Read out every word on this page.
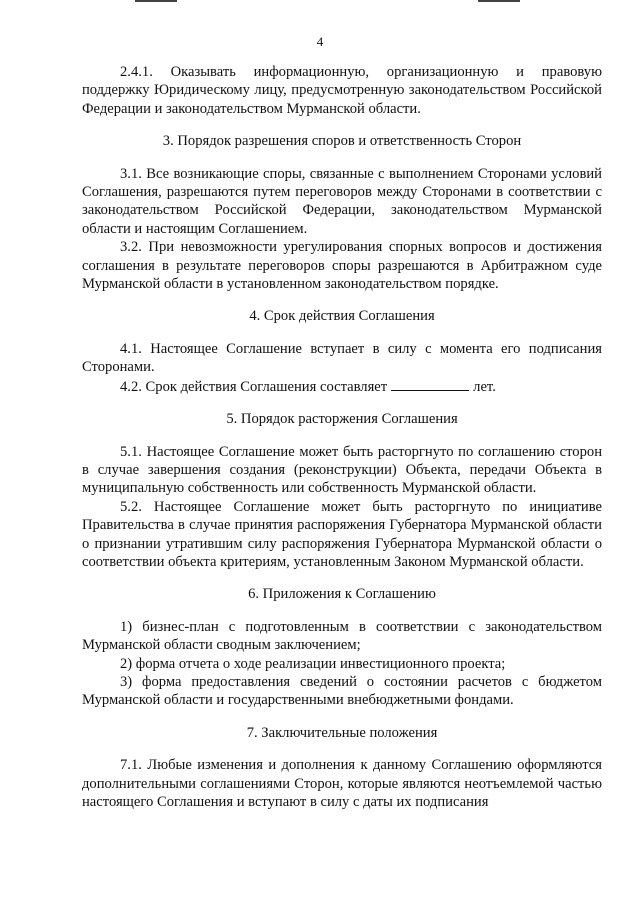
4

2.4.1. Оказывать информационную, организационную и правовую поддержку Юридическому лицу, предусмотренную законодательством Российской Федерации и законодательством Мурманской области.

3. Порядок разрешения споров и ответственность Сторон

3.1. Все возникающие споры, связанные с выполнением Сторонами условий Соглашения, разрешаются путем переговоров между Сторонами в соответствии с законодательством Российской Федерации, законодательством Мурманской области и настоящим Соглашением.

3.2. При невозможности урегулирования спорных вопросов и достижения соглашения в результате переговоров споры разрешаются в Арбитражном суде Мурманской области в установленном законодательством порядке.

4. Срок действия Соглашения

4.1. Настоящее Соглашение вступает в силу с момента его подписания Сторонами.

4.2. Срок действия Соглашения составляет	лет.

5. Порядок расторжения Соглашения

5.1. Настоящее Соглашение может быть расторгнуто по соглашению сторон в случае завершения создания (реконструкции) Объекта, передачи Объекта в муниципальную собственность или собственность Мурманской области.

5.2. Настоящее Соглашение может быть расторгнуто по инициативе Правительства в случае принятия распоряжения Губернатора Мурманской области о признании утратившим силу распоряжения Губернатора Мурманской области о соответствии объекта критериям, установленным Законом Мурманской области.

6. Приложения к Соглашению

1) бизнес-план с подготовленным в соответствии с законодательством Мурманской области сводным заключением;

2) форма отчета о ходе реализации инвестиционного проекта;

3) форма предоставления сведений о состоянии расчетов с бюджетом Мурманской области и государственными внебюджетными фондами.

7. Заключительные положения

7.1. Любые изменения и дополнения к данному Соглашению оформляются дополнительными соглашениями Сторон, которые являются неотъемлемой частью настоящего Соглашения и вступают в силу с даты их подписания
